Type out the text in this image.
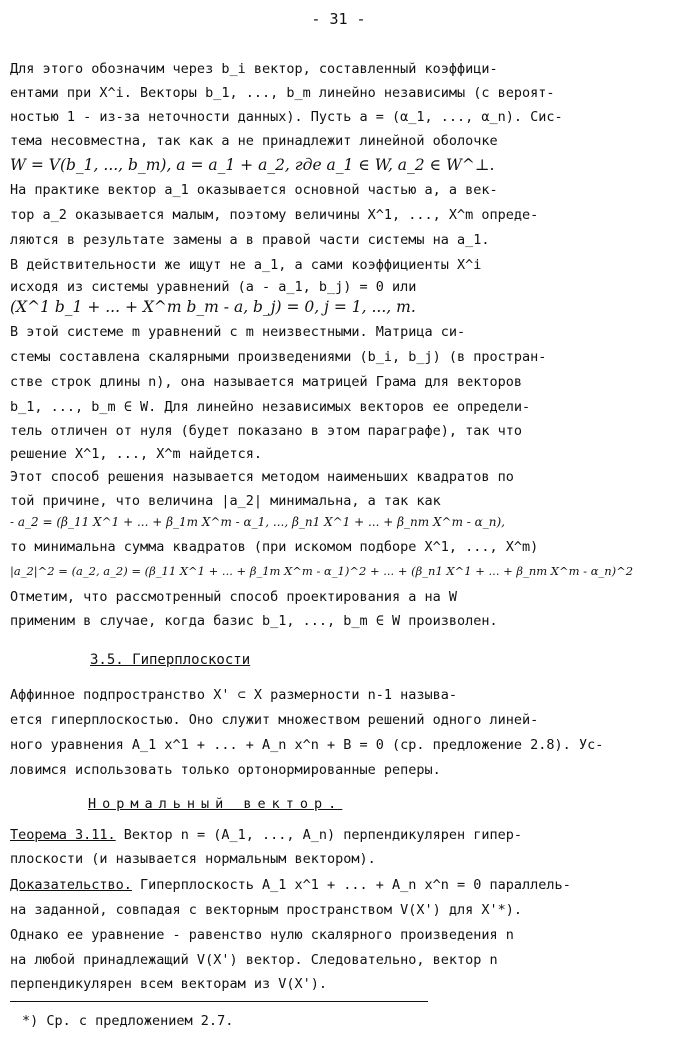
- 31 -
Для этого обозначим через b_i вектор, составленный коэффици-
ентами при X^i. Векторы b_1, ..., b_m линейно независимы (с вероят-
ностью 1 - из-за неточности данных). Пусть a = (α_1, ..., α_n). Сис-
тема несовместна, так как a не принадлежит линейной оболочке
W = V(b_1, ..., b_m), a = a_1 + a_2, где a_1 ∈ W, a_2 ∈ W^⊥.
На практике вектор a_1 оказывается основной частью a, а век-
тор a_2 оказывается малым, поэтому величины X^1, ..., X^m опреде-
ляются в результате замены a в правой части системы на a_1.
В действительности же ищут не a_1, а сами коэффициенты X^i
исходя из системы уравнений (a - a_1, b_j) = 0 или
(X^1 b_1 + ... + X^m b_m - a, b_j) = 0, j = 1, ..., m.
В этой системе m уравнений с m неизвестными. Матрица си-
стемы составлена скалярными произведениями (b_i, b_j) (в простран-
стве строк длины n), она называется матрицей Грама для векторов
b_1, ..., b_m ∈ W. Для линейно независимых векторов ее определи-
тель отличен от нуля (будет показано в этом параграфе), так что
решение X^1, ..., X^m найдется.
Этот способ решения называется методом наименьших квадратов по
той причине, что величина |a_2| минимальна, а так как
- a_2 = (β_11 X^1 + ... + β_1m X^m - α_1, ..., β_n1 X^1 + ... + β_nm X^m - α_n),
то минимальна сумма квадратов (при искомом подборе X^1, ..., X^m)
|a_2|^2 = (a_2, a_2) = (β_11 X^1 + ... + β_1m X^m - α_1)^2 + ... + (β_n1 X^1 + ... + β_nm X^m - α_n)^2
Отметим, что рассмотренный способ проектирования a на W
применим в случае, когда базис b_1, ..., b_m ∈ W произволен.
3.5. Гиперплоскости
Аффинное подпространство X' ⊂ X размерности n-1 называ-
ется гиперплоскостью. Оно служит множеством решений одного линей-
ного уравнения A_1 x^1 + ... + A_n x^n + B = 0 (ср. предложение 2.8). Ус-
ловимся использовать только ортонормированные реперы.
Нормальный вектор.
Теорема 3.11. Вектор n = (A_1, ..., A_n) перпендикулярен гипер-
плоскости (и называется нормальным вектором).
Доказательство. Гиперплоскость A_1 x^1 + ... + A_n x^n = 0 параллель-
на заданной, совпадая с векторным пространством V(X') для X'*).
Однако ее уравнение - равенство нулю скалярного произведения n
на любой принадлежащий V(X') вектор. Следовательно, вектор n
перпендикулярен всем векторам из V(X').
*) Ср. с предложением 2.7.
